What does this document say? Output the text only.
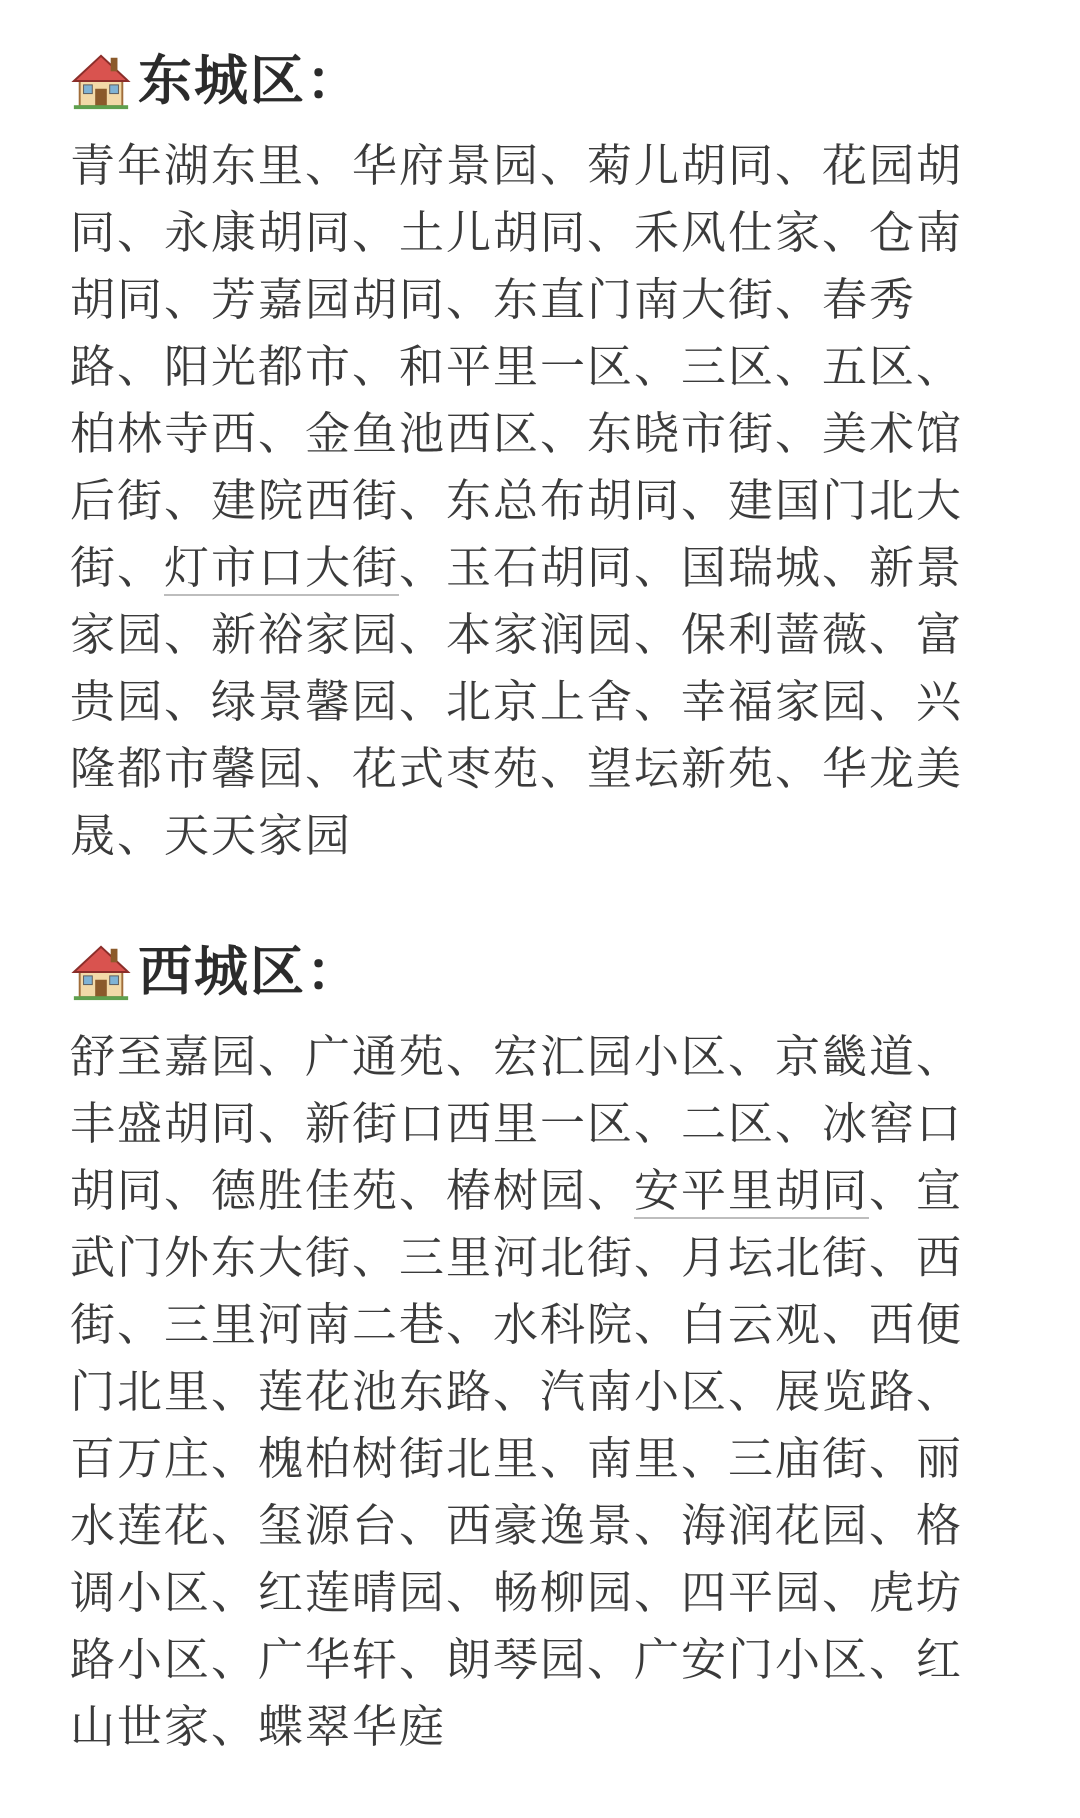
东城区：

青年湖东里、华府景园、菊儿胡同、花园胡同、永康胡同、土儿胡同、禾风仕家、仓南胡同、芳嘉园胡同、东直门南大街、春秀路、阳光都市、和平里一区、三区、五区、柏林寺西、金鱼池西区、东晓市街、美术馆后街、建院西街、东总布胡同、建国门北大街、灯市口大街、玉石胡同、国瑞城、新景家园、新裕家园、本家润园、保利蔷薇、富贵园、绿景馨园、北京上舍、幸福家园、兴隆都市馨园、花式枣苑、望坛新苑、华龙美晟、天天家园

西城区：

舒至嘉园、广通苑、宏汇园小区、京畿道、丰盛胡同、新街口西里一区、二区、冰窖口胡同、德胜佳苑、椿树园、安平里胡同、宣武门外东大街、三里河北街、月坛北街、西街、三里河南二巷、水科院、白云观、西便门北里、莲花池东路、汽南小区、展览路、百万庄、槐柏树街北里、南里、三庙街、丽水莲花、玺源台、西豪逸景、海润花园、格调小区、红莲晴园、畅柳园、四平园、虎坊路小区、广华轩、朗琴园、广安门小区、红山世家、蝶翠华庭
